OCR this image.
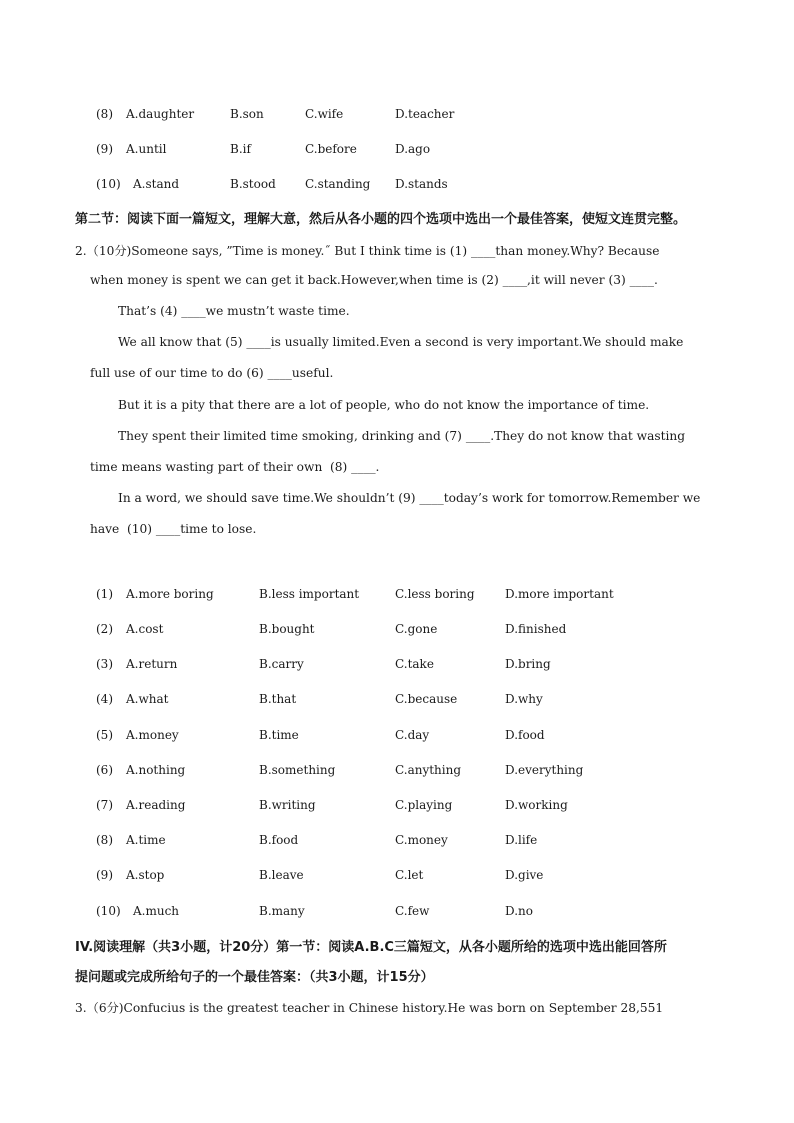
(8) A.daughter	B.son	C.wife	D.teacher
(9) A.until	B.if	C.before	D.ago
(10) A.stand	B.stood C.standing D.stands
第二节：阅读下面一篇短文，理解大意，然后从各小题的四个选项中选出一个最佳答案，使短文连贯完整。
2.（10分)Someone says, ”Time is money.˝ But I think time is (1) ____than money.Why? Because
when money is spent we can get it back.However,when time is (2) ____,it will never (3) ____.
That’s (4) ____we mustn’t waste time.
We all know that (5) ____is usually limited.Even a second is very important.We should make
full use of our time to do (6) ____useful.
But it is a pity that there are a lot of people, who do not know the importance of time.
They spent their limited time smoking, drinking and (7) ____.They do not know that wasting
time means wasting part of their own  (8) ____.
In a word, we should save time.We shouldn’t (9) ____today’s work for tomorrow.Remember we
have  (10) ____time to lose.
(1) A.more boring	B.less important	C.less boring	D.more important
(2) A.cost	B.bought	C.gone	D.finished
(3) A.return	B.carry	C.take	D.bring
(4) A.what	B.that	C.because	D.why
(5) A.money	B.time	C.day	D.food
(6) A.nothing	B.something	C.anything	D.everything
(7) A.reading	B.writing	C.playing	D.working
(8) A.time	B.food	C.money	D.life
(9) A.stop	B.leave	C.let	D.give
(10) A.much	B.many	C.few	D.no
IV.阅读理解（共3小题，计20分）第一节：阅读A.B.C三篇短文，从各小题所给的选项中选出能回答所
提问题或完成所给句子的一个最佳答案：（共3小题，计15分）
3.（6分)Confucius is the greatest teacher in Chinese history.He was born on September 28,551
